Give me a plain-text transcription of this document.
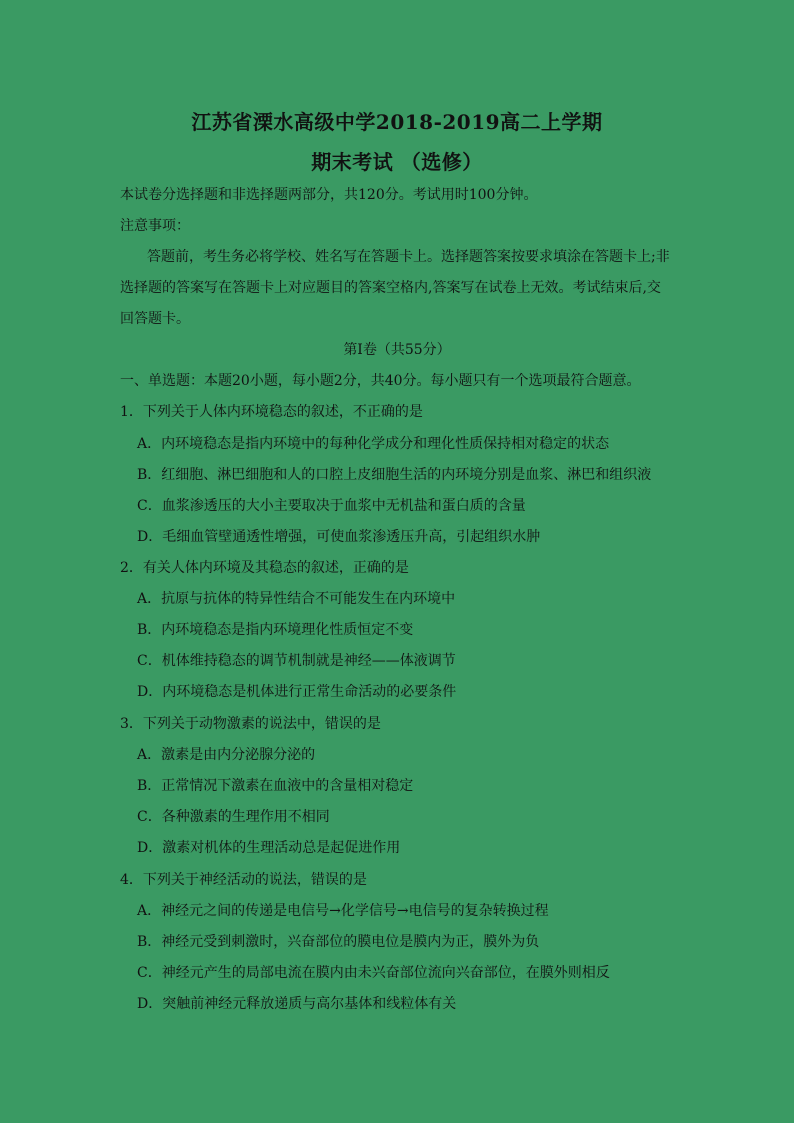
江苏省溧水高级中学2018-2019高二上学期
期末考试 （选修）
本试卷分选择题和非选择题两部分，共120分。考试用时100分钟。
注意事项：
答题前，考生务必将学校、姓名写在答题卡上。选择题答案按要求填涂在答题卡上;非
选择题的答案写在答题卡上对应题目的答案空格内,答案写在试卷上无效。考试结束后,交
回答题卡。
第Ⅰ卷（共55分）
一、单选题：本题20小题，每小题2分，共40分。每小题只有一个选项最符合题意。
1．下列关于人体内环境稳态的叙述，不正确的是
A．内环境稳态是指内环境中的每种化学成分和理化性质保持相对稳定的状态
B．红细胞、淋巴细胞和人的口腔上皮细胞生活的内环境分别是血浆、淋巴和组织液
C．血浆渗透压的大小主要取决于血浆中无机盐和蛋白质的含量
D．毛细血管壁通透性增强，可使血浆渗透压升高，引起组织水肿
2．有关人体内环境及其稳态的叙述，正确的是
A．抗原与抗体的特异性结合不可能发生在内环境中
B．内环境稳态是指内环境理化性质恒定不变
C．机体维持稳态的调节机制就是神经——体液调节
D．内环境稳态是机体进行正常生命活动的必要条件
3．下列关于动物激素的说法中，错误的是
A．激素是由内分泌腺分泌的
B．正常情况下激素在血液中的含量相对稳定
C．各种激素的生理作用不相同
D．激素对机体的生理活动总是起促进作用
4．下列关于神经活动的说法，错误的是
A．神经元之间的传递是电信号→化学信号→电信号的复杂转换过程
B．神经元受到刺激时，兴奋部位的膜电位是膜内为正，膜外为负
C．神经元产生的局部电流在膜内由未兴奋部位流向兴奋部位，在膜外则相反
D．突触前神经元释放递质与高尔基体和线粒体有关
